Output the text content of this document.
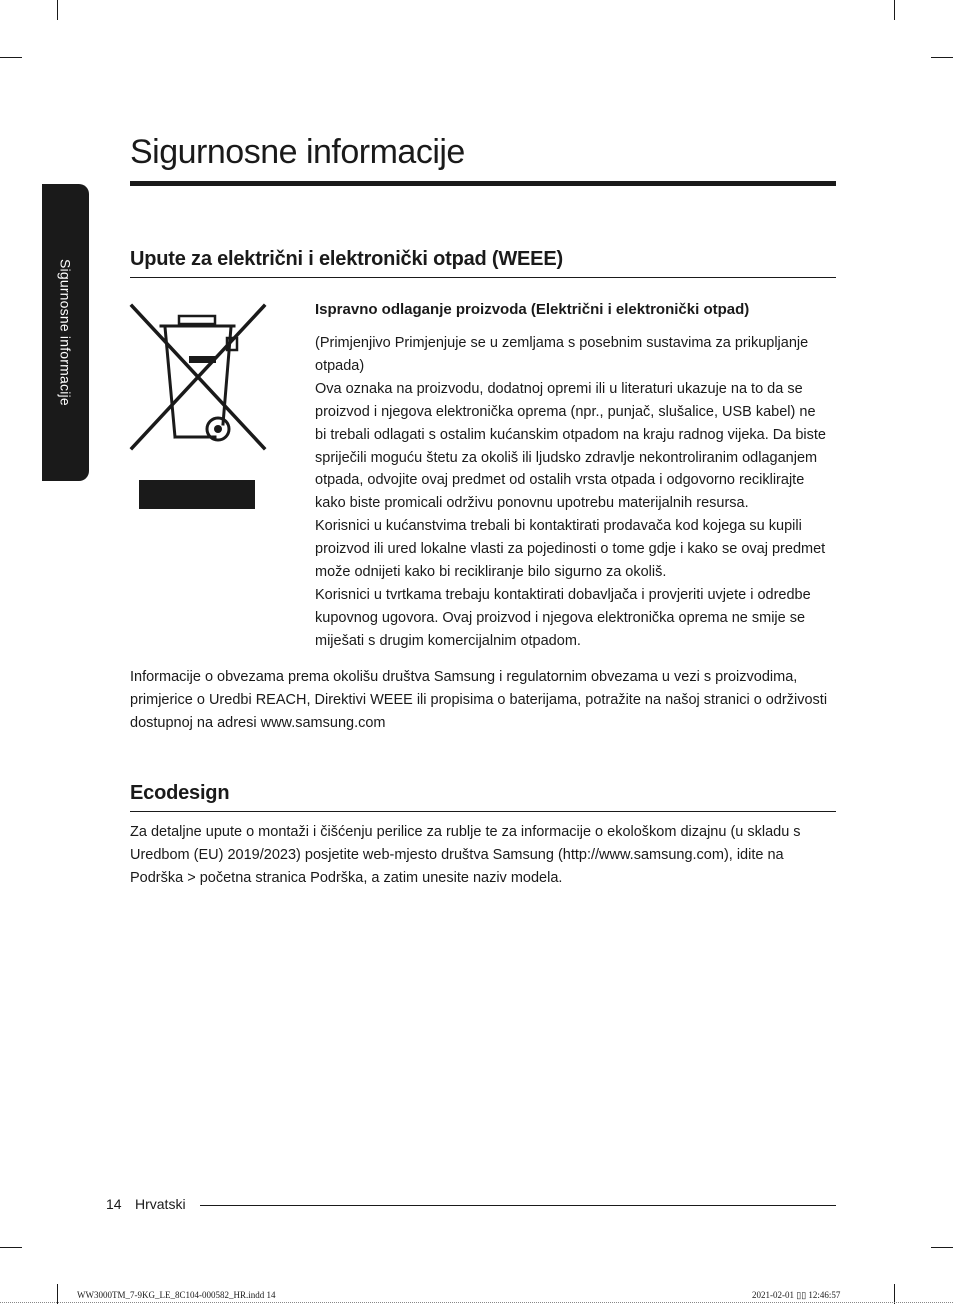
Sigurnosne informacije
Sigurnosne informacije
Upute za električni i elektronički otpad (WEEE)
Ispravno odlaganje proizvoda (Električni i elektronički otpad)

(Primjenjivo Primjenjuje se u zemljama s posebnim sustavima za prikupljanje otpada)

Ova oznaka na proizvodu, dodatnoj opremi ili u literaturi ukazuje na to da se proizvod i njegova elektronička oprema (npr., punjač, slušalice, USB kabel) ne bi trebali odlagati s ostalim kućanskim otpadom na kraju radnog vijeka. Da biste spriječili moguću štetu za okoliš ili ljudsko zdravlje nekontroliranim odlaganjem otpada, odvojite ovaj predmet od ostalih vrsta otpada i odgovorno reciklirajte kako biste promicali održivu ponovnu upotrebu materijalnih resursa.

Korisnici u kućanstvima trebali bi kontaktirati prodavača kod kojega su kupili proizvod ili ured lokalne vlasti za pojedinosti o tome gdje i kako se ovaj predmet može odnijeti kako bi recikliranje bilo sigurno za okoliš.

Korisnici u tvrtkama trebaju kontaktirati dobavljača i provjeriti uvjete i odredbe kupovnog ugovora. Ovaj proizvod i njegova elektronička oprema ne smije se miješati s drugim komercijalnim otpadom.

Informacije o obvezama prema okolišu društva Samsung i regulatornim obvezama u vezi s proizvodima, primjerice o Uredbi REACH, Direktivi WEEE ili propisima o baterijama, potražite na našoj stranici o održivosti dostupnoj na adresi www.samsung.com

Ecodesign

Za detaljne upute o montaži i čišćenju perilice za rublje te za informacije o ekološkom dizajnu (u skladu s Uredbom (EU) 2019/2023) posjetite web-mjesto društva Samsung (http://www.samsung.com), idite na Podrška > početna stranica Podrška, a zatim unesite naziv modela.

14 Hrvatski
WW3000TM_7-9KG_LE_8C104-000582_HR.indd 14	2021-02-01 ▯▯ 12:46:57
